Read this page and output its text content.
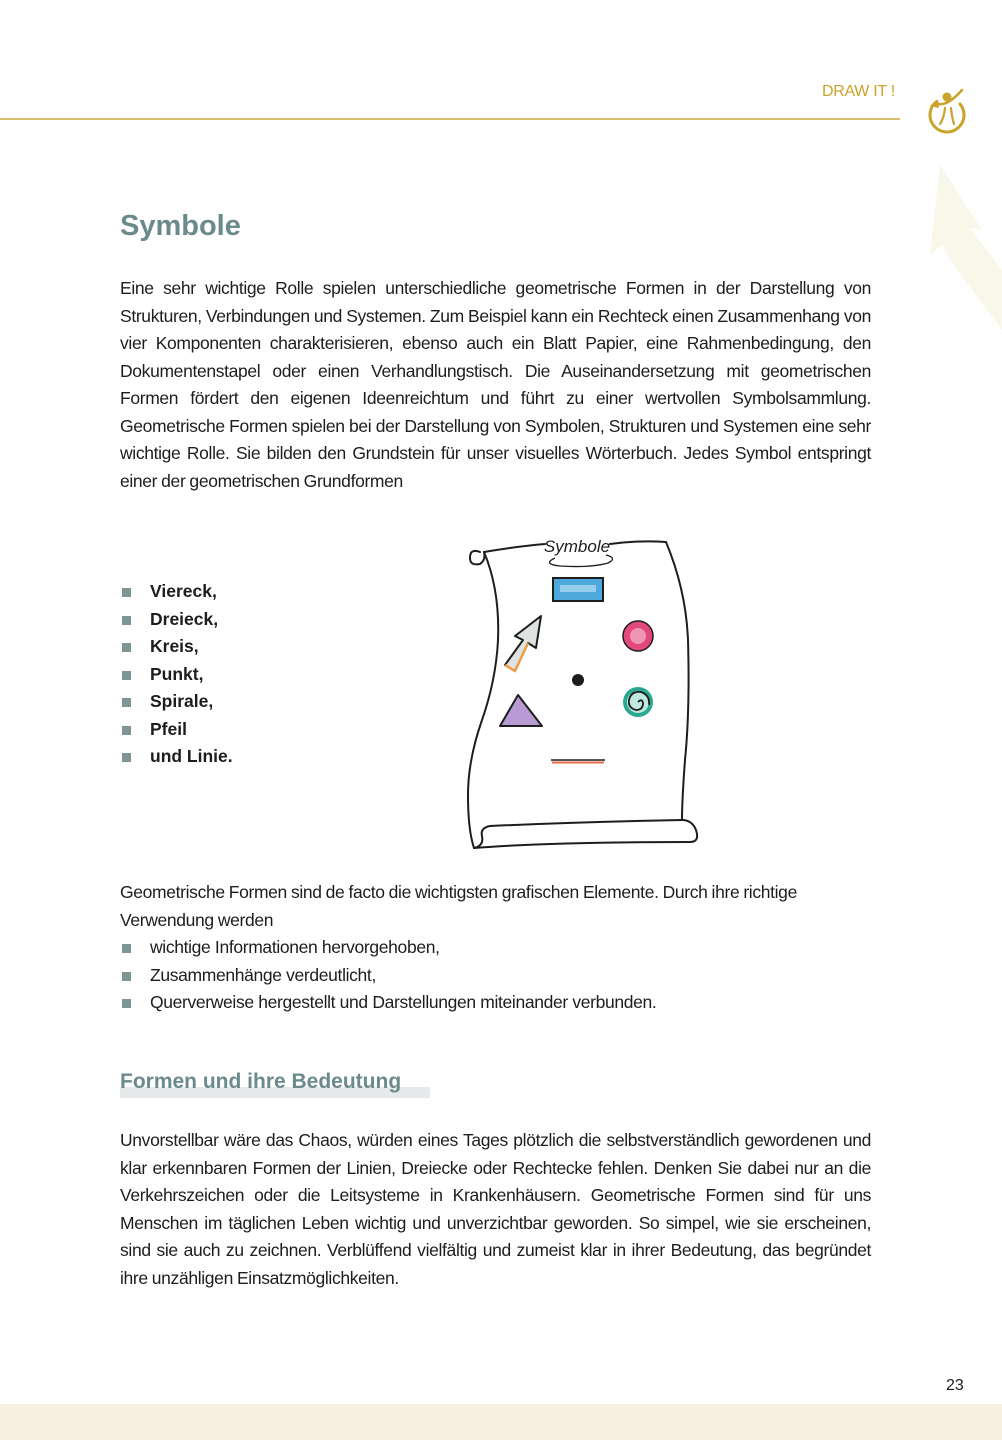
DRAW IT !
Symbole

Eine sehr wichtige Rolle spielen unterschiedliche geometrische Formen in der Darstellung von Strukturen, Verbindungen und Systemen. Zum Beispiel kann ein Rechteck einen Zusammenhang von vier Komponenten charakterisieren, ebenso auch ein Blatt Papier, eine Rahmenbedingung, den Dokumentenstapel oder einen Verhandlungstisch. Die Auseinandersetzung mit geometrischen Formen fördert den eigenen Ideenreichtum und führt zu einer wertvollen Symbolsammlung. Geometrische Formen spielen bei der Darstellung von Symbolen, Strukturen und Systemen eine sehr wichtige Rolle. Sie bilden den Grundstein für unser visuelles Wörterbuch. Jedes Symbol entspringt einer der geometrischen Grundformen

Viereck,
Dreieck,
Kreis,
Punkt,
Spirale,
Pfeil
und Linie.
Symbole

Geometrische Formen sind de facto die wichtigsten grafischen Elemente. Durch ihre richtige Verwendung werden

wichtige Informationen hervorgehoben,
Zusammenhänge verdeutlicht,
Querverweise hergestellt und Darstellungen miteinander verbunden.
Formen und ihre Bedeutung

Unvorstellbar wäre das Chaos, würden eines Tages plötzlich die selbstverständlich gewordenen und klar erkennbaren Formen der Linien, Dreiecke oder Rechtecke fehlen. Denken Sie dabei nur an die Verkehrszeichen oder die Leitsysteme in Krankenhäusern. Geometrische Formen sind für uns Menschen im täglichen Leben wichtig und unverzichtbar geworden. So simpel, wie sie erscheinen, sind sie auch zu zeichnen. Verblüffend vielfältig und zumeist klar in ihrer Bedeutung, das begründet ihre unzähligen Einsatzmöglichkeiten.

23
